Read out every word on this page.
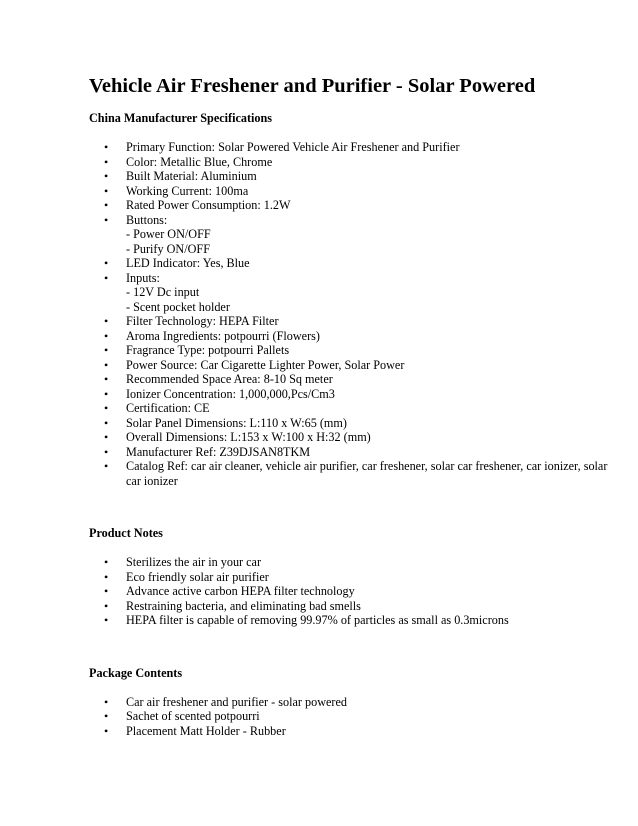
Vehicle Air Freshener and Purifier - Solar Powered
China Manufacturer Specifications
• Primary Function: Solar Powered Vehicle Air Freshener and Purifier
• Color: Metallic Blue, Chrome
• Built Material: Aluminium
• Working Current: 100ma
• Rated Power Consumption: 1.2W
• Buttons:
- Power ON/OFF
- Purify ON/OFF
• LED Indicator: Yes, Blue
• Inputs:
- 12V Dc input
- Scent pocket holder
• Filter Technology: HEPA Filter
• Aroma Ingredients: potpourri (Flowers)
• Fragrance Type: potpourri Pallets
• Power Source: Car Cigarette Lighter Power, Solar Power
• Recommended Space Area: 8-10 Sq meter
• Ionizer Concentration: 1,000,000,Pcs/Cm3
• Certification: CE
• Solar Panel Dimensions: L:110 x W:65 (mm)
• Overall Dimensions: L:153 x W:100 x H:32 (mm)
• Manufacturer Ref: Z39DJSAN8TKM
• Catalog Ref: car air cleaner, vehicle air purifier, car freshener, solar car freshener, car ionizer, solar car ionizer
Product Notes
• Sterilizes the air in your car
• Eco friendly solar air purifier
• Advance active carbon HEPA filter technology
• Restraining bacteria, and eliminating bad smells
• HEPA filter is capable of removing 99.97% of particles as small as 0.3microns
Package Contents
• Car air freshener and purifier - solar powered
• Sachet of scented potpourri
• Placement Matt Holder - Rubber
